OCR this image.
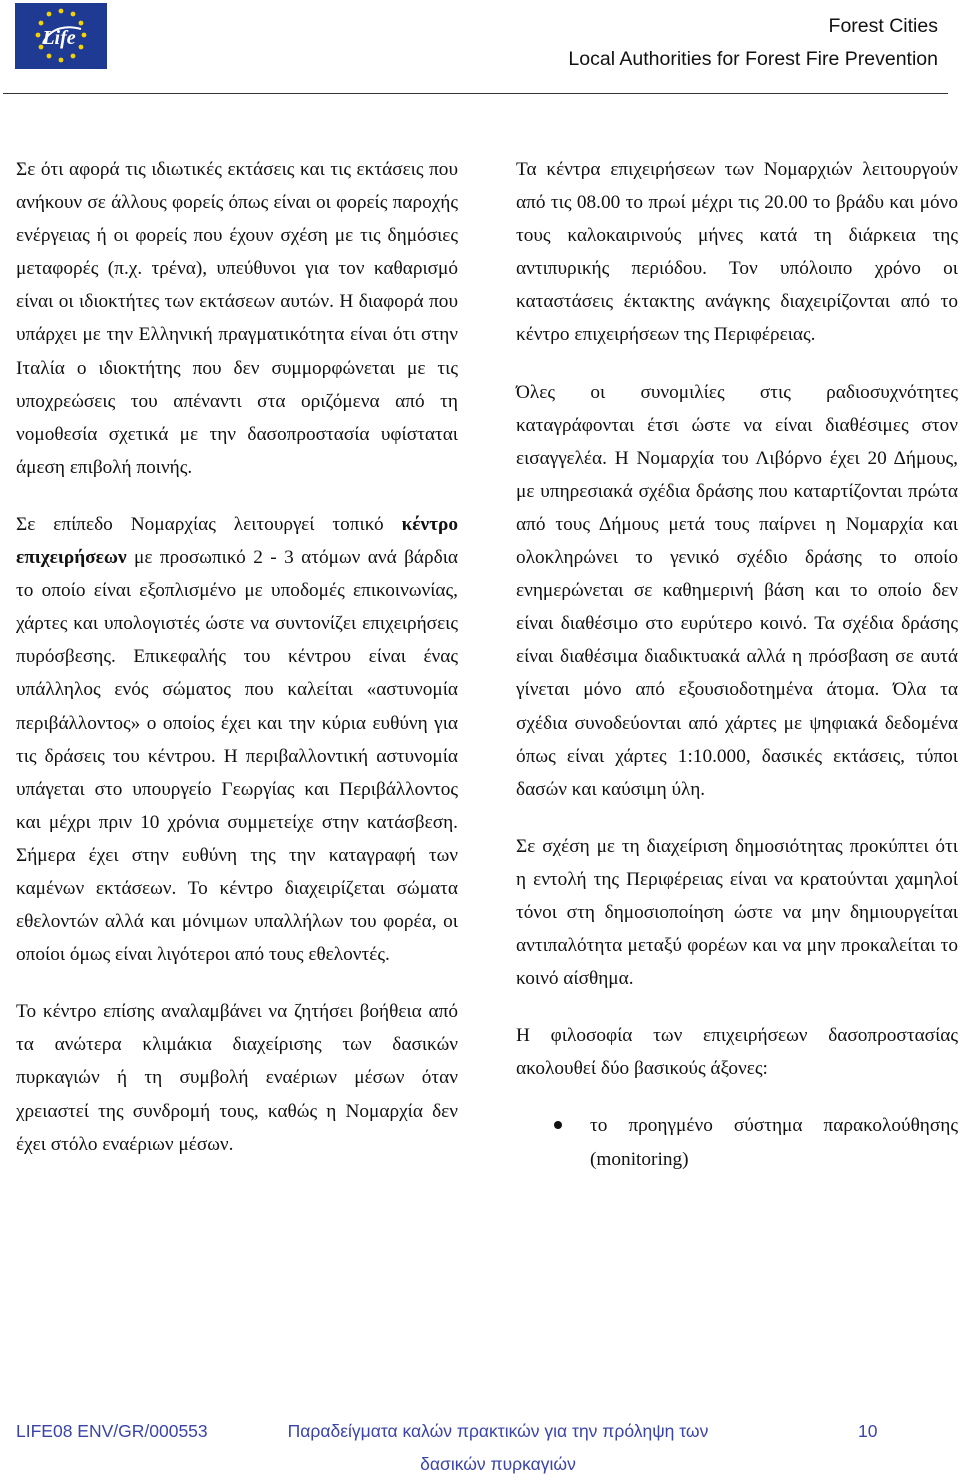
Life
Forest Cities
Local Authorities for Forest Fire Prevention

Σε ότι αφορά τις ιδιωτικές εκτάσεις και τις εκτάσεις που ανήκουν σε άλλους φορείς όπως είναι οι φορείς παροχής ενέργειας ή οι φορείς που έχουν σχέση με τις δημόσιες μεταφορές (π.χ. τρένα), υπεύθυνοι για τον καθαρισμό είναι οι ιδιοκτήτες των εκτάσεων αυτών. Η διαφορά που υπάρχει με την Ελληνική πραγματικότητα είναι ότι στην Ιταλία ο ιδιοκτήτης που δεν συμμορφώνεται με τις υποχρεώσεις του απέναντι στα οριζόμενα από τη νομοθεσία σχετικά με την δασοπροστασία υφίσταται άμεση επιβολή ποινής.

Σε επίπεδο Νομαρχίας λειτουργεί τοπικό κέντρο επιχειρήσεων με προσωπικό 2 - 3 ατόμων ανά βάρδια το οποίο είναι εξοπλισμένο με υποδομές επικοινωνίας, χάρτες και υπολογιστές ώστε να συντονίζει επιχειρήσεις πυρόσβεσης. Επικεφαλής του κέντρου είναι ένας υπάλληλος ενός σώματος που καλείται «αστυνομία περιβάλλοντος» ο οποίος έχει και την κύρια ευθύνη για τις δράσεις του κέντρου. Η περιβαλλοντική αστυνομία υπάγεται στο υπουργείο Γεωργίας και Περιβάλλοντος και μέχρι πριν 10 χρόνια συμμετείχε στην κατάσβεση. Σήμερα έχει στην ευθύνη της την καταγραφή των καμένων εκτάσεων. Το κέντρο διαχειρίζεται σώματα εθελοντών αλλά και μόνιμων υπαλλήλων του φορέα, οι οποίοι όμως είναι λιγότεροι από τους εθελοντές.

Το κέντρο επίσης αναλαμβάνει να ζητήσει βοήθεια από τα ανώτερα κλιμάκια διαχείρισης των δασικών πυρκαγιών ή τη συμβολή εναέριων μέσων όταν χρειαστεί της συνδρομή τους, καθώς η Νομαρχία δεν έχει στόλο εναέριων μέσων.

Τα κέντρα επιχειρήσεων των Νομαρχιών λειτουργούν από τις 08.00 το πρωί μέχρι τις 20.00 το βράδυ και μόνο τους καλοκαιρινούς μήνες κατά τη διάρκεια της αντιπυρικής περιόδου. Τον υπόλοιπο χρόνο οι καταστάσεις έκτακτης ανάγκης διαχειρίζονται από το κέντρο επιχειρήσεων της Περιφέρειας.

Όλες οι συνομιλίες στις ραδιοσυχνότητες καταγράφονται έτσι ώστε να είναι διαθέσιμες στον εισαγγελέα. Η Νομαρχία του Λιβόρνο έχει 20 Δήμους, με υπηρεσιακά σχέδια δράσης που καταρτίζονται πρώτα από τους Δήμους μετά τους παίρνει η Νομαρχία και ολοκληρώνει το γενικό σχέδιο δράσης το οποίο ενημερώνεται σε καθημερινή βάση και το οποίο δεν είναι διαθέσιμο στο ευρύτερο κοινό. Τα σχέδια δράσης είναι διαθέσιμα διαδικτυακά αλλά η πρόσβαση σε αυτά γίνεται μόνο από εξουσιοδοτημένα άτομα. Όλα τα σχέδια συνοδεύονται από χάρτες με ψηφιακά δεδομένα όπως είναι χάρτες 1:10.000, δασικές εκτάσεις, τύποι δασών και καύσιμη ύλη.

Σε σχέση με τη διαχείριση δημοσιότητας προκύπτει ότι η εντολή της Περιφέρειας είναι να κρατούνται χαμηλοί τόνοι στη δημοσιοποίηση ώστε να μην δημιουργείται αντιπαλότητα μεταξύ φορέων και να μην προκαλείται το κοινό αίσθημα.

Η φιλοσοφία των επιχειρήσεων δασοπροστασίας ακολουθεί δύο βασικούς άξονες:

το προηγμένο σύστημα παρακολούθησης (monitoring)
LIFE08 ENV/GR/000553	Παραδείγματα καλών πρακτικών για την πρόληψη των δασικών πυρκαγιών
10
